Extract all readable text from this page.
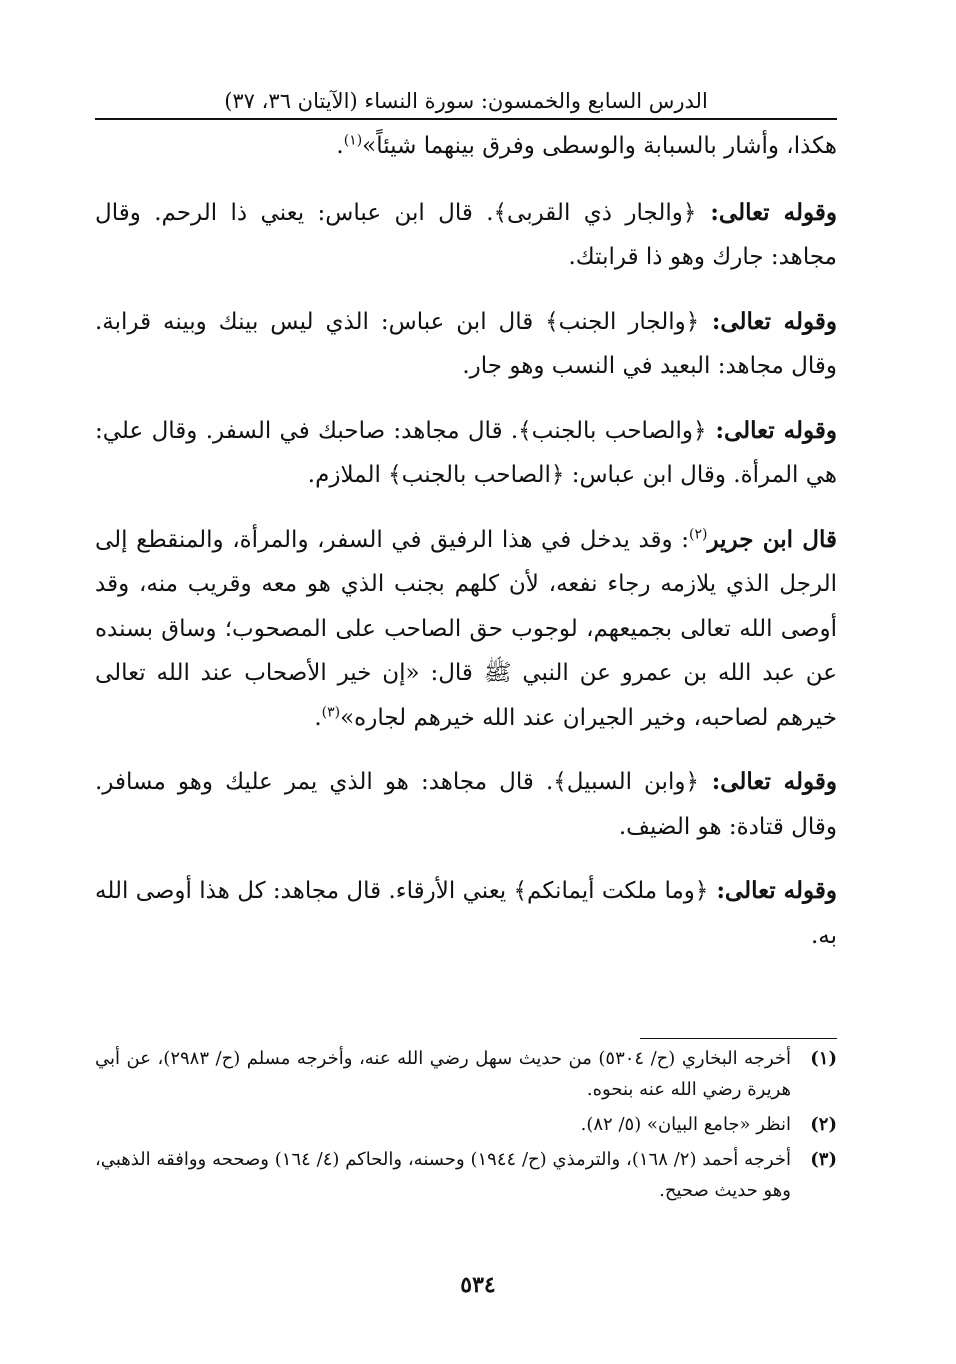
الدرس السابع والخمسون: سورة النساء (الآيتان ٣٦، ٣٧)

هكذا، وأشار بالسبابة والوسطى وفرق بينهما شيئاً»$^{(١)}$.

وقوله تعالى: ﴿والجار ذي القربى﴾. قال ابن عباس: يعني ذا الرحم. وقال مجاهد: جارك وهو ذا قرابتك.

وقوله تعالى: ﴿والجار الجنب﴾ قال ابن عباس: الذي ليس بينك وبينه قرابة. وقال مجاهد: البعيد في النسب وهو جار.

وقوله تعالى: ﴿والصاحب بالجنب﴾. قال مجاهد: صاحبك في السفر. وقال علي: هي المرأة. وقال ابن عباس: ﴿الصاحب بالجنب﴾ الملازم.

قال ابن جرير$^{(٢)}$: وقد يدخل في هذا الرفيق في السفر، والمرأة، والمنقطع إلى الرجل الذي يلازمه رجاء نفعه، لأن كلهم بجنب الذي هو معه وقريب منه، وقد أوصى الله تعالى بجميعهم، لوجوب حق الصاحب على المصحوب؛ وساق بسنده عن عبد الله بن عمرو عن النبي ﷺ قال: «إن خير الأصحاب عند الله تعالى خيرهم لصاحبه، وخير الجيران عند الله خيرهم لجاره»$^{(٣)}$.

وقوله تعالى: ﴿وابن السبيل﴾. قال مجاهد: هو الذي يمر عليك وهو مسافر. وقال قتادة: هو الضيف.

وقوله تعالى: ﴿وما ملكت أيمانكم﴾ يعني الأرقاء. قال مجاهد: كل هذا أوصى الله به.

(١)
أخرجه البخاري (ح/ ٥٣٠٤) من حديث سهل رضي الله عنه، وأخرجه مسلم (ح/ ٢٩٨٣)، عن أبي هريرة رضي الله عنه بنحوه.
(٢)
انظر «جامع البيان» (٥/ ٨٢).
(٣)
أخرجه أحمد (٢/ ١٦٨)، والترمذي (ح/ ١٩٤٤) وحسنه، والحاكم (٤/ ١٦٤) وصححه ووافقه الذهبي، وهو حديث صحيح.
٥٣٤
